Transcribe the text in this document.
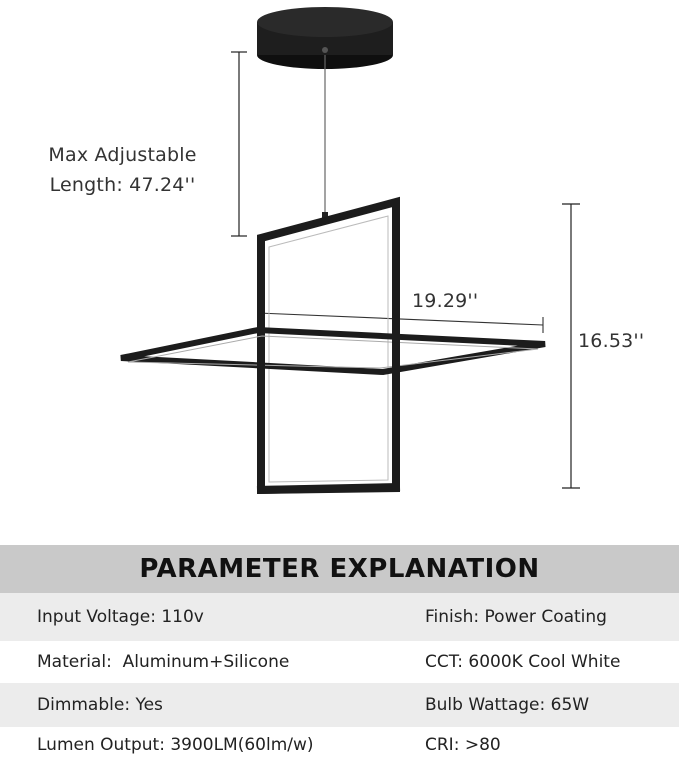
Max Adjustable
Length: 47.24''
19.29''
16.53''
PARAMETER EXPLANATION
Input Voltage: 110v	Finish: Power Coating
Material:  Aluminum+Silicone	CCT: 6000K Cool White
Dimmable: Yes	Bulb Wattage: 65W
Lumen Output: 3900LM(60lm/w)	CRI: >80
